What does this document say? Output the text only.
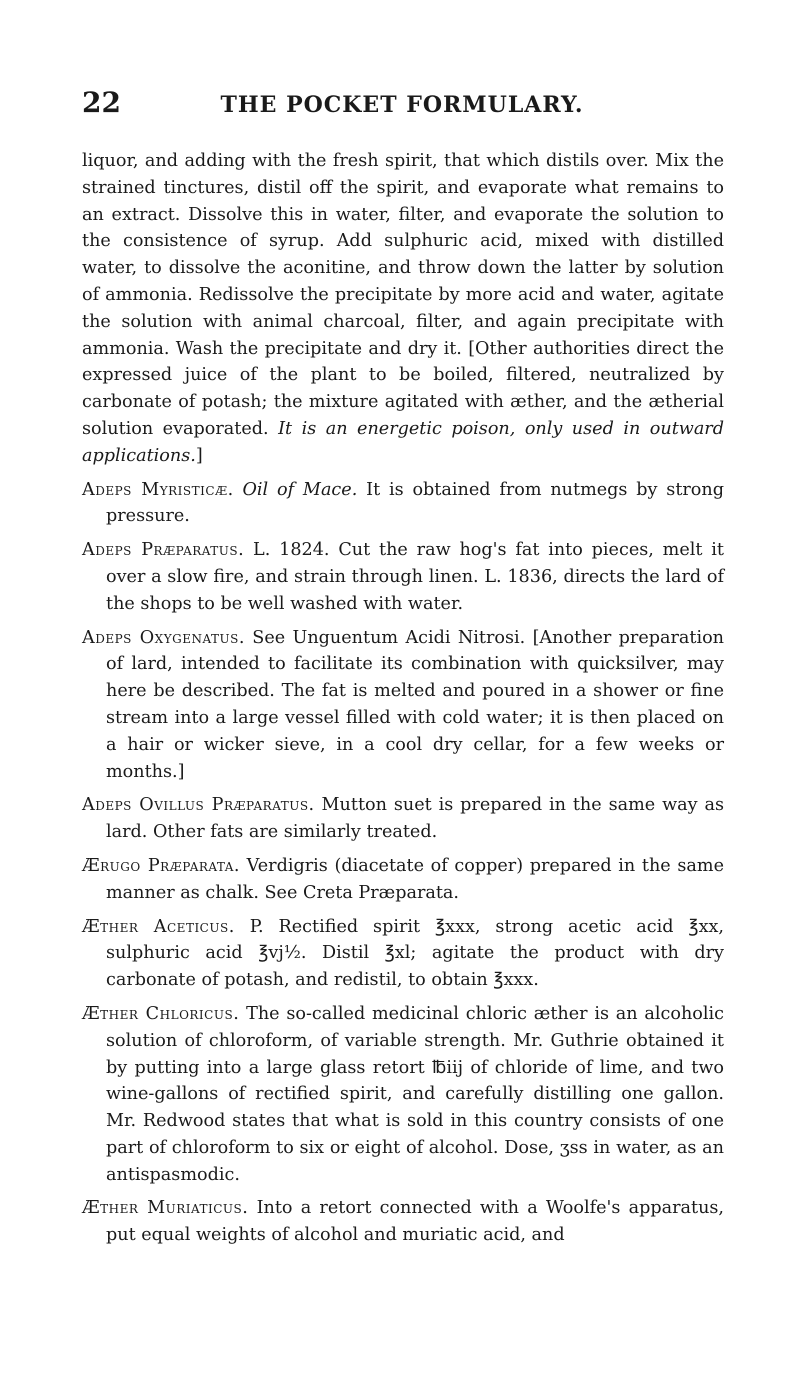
22	THE POCKET FORMULARY.

liquor, and adding with the fresh spirit, that which distils over. Mix the strained tinctures, distil off the spirit, and evaporate what remains to an extract. Dissolve this in water, filter, and evaporate the solution to the consistence of syrup. Add sulphuric acid, mixed with distilled water, to dissolve the aconitine, and throw down the latter by solution of ammonia. Redissolve the precipitate by more acid and water, agitate the solution with animal charcoal, filter, and again precipitate with ammonia. Wash the precipitate and dry it. [Other authorities direct the expressed juice of the plant to be boiled, filtered, neutralized by carbonate of potash; the mixture agitated with æther, and the ætherial solution evaporated. It is an energetic poison, only used in outward applications.]

Adeps Myristicæ. Oil of Mace. It is obtained from nutmegs by strong pressure.

Adeps Præparatus. L. 1824. Cut the raw hog's fat into pieces, melt it over a slow fire, and strain through linen. L. 1836, directs the lard of the shops to be well washed with water.

Adeps Oxygenatus. See Unguentum Acidi Nitrosi. [Another preparation of lard, intended to facilitate its combination with quicksilver, may here be described. The fat is melted and poured in a shower or fine stream into a large vessel filled with cold water; it is then placed on a hair or wicker sieve, in a cool dry cellar, for a few weeks or months.]

Adeps Ovillus Præparatus. Mutton suet is prepared in the same way as lard. Other fats are similarly treated.

Ærugo Præparata. Verdigris (diacetate of copper) prepared in the same manner as chalk. See Creta Præparata.

Æther Aceticus. P. Rectified spirit ℥xxx, strong acetic acid ℥xx, sulphuric acid ℥vj½. Distil ℥xl; agitate the product with dry carbonate of potash, and redistil, to obtain ℥xxx.

Æther Chloricus. The so-called medicinal chloric æther is an alcoholic solution of chloroform, of variable strength. Mr. Guthrie obtained it by putting into a large glass retort ℔iij of chloride of lime, and two wine-gallons of rectified spirit, and carefully distilling one gallon. Mr. Redwood states that what is sold in this country consists of one part of chloroform to six or eight of alcohol. Dose, ʒss in water, as an antispasmodic.

Æther Muriaticus. Into a retort connected with a Woolfe's apparatus, put equal weights of alcohol and muriatic acid, and
